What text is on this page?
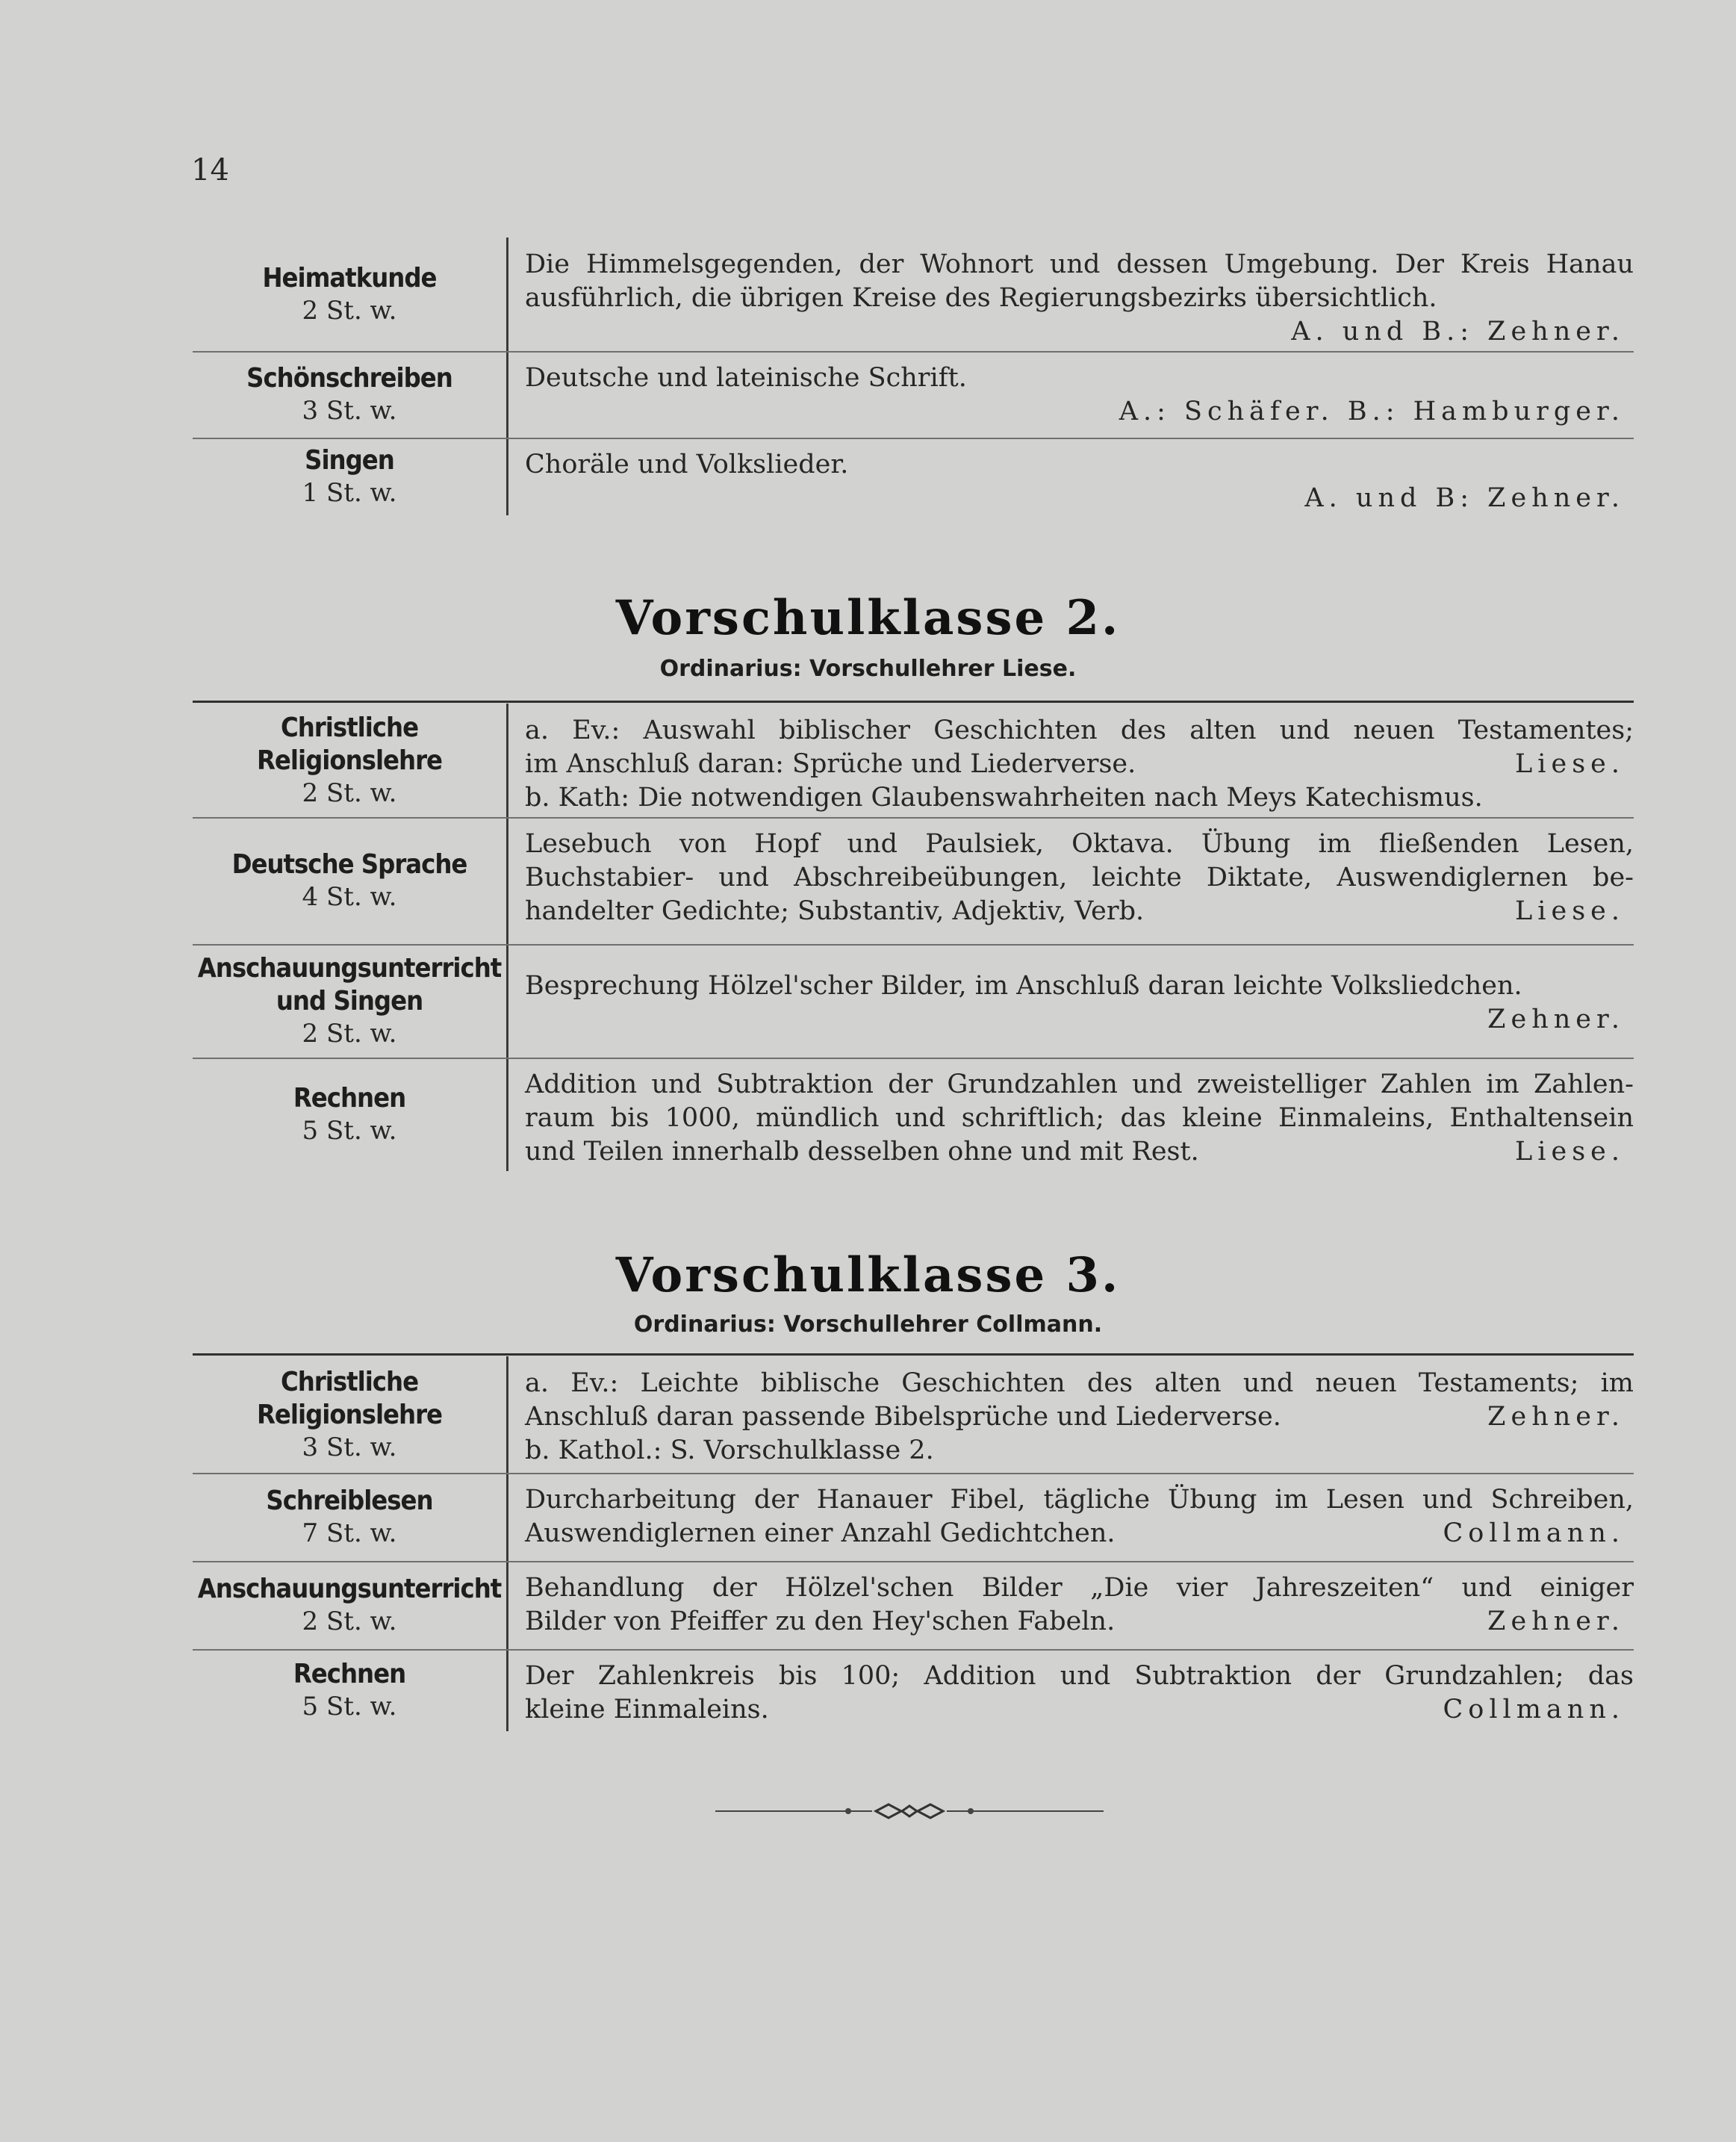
14
Heimatkunde
2 St. w.

Die Himmelsgegenden, der Wohnort und dessen Umgebung. Der Kreis Hanau

ausführlich, die übrigen Kreise des Regierungsbezirks übersichtlich.

A. und B.: Zehner.
Schönschreiben
3 St. w.

Deutsche und lateinische Schrift.

A.: Schäfer. B.: Hamburger.
Singen
1 St. w.

Choräle und Volkslieder.

A. und B: Zehner.
Vorschulklasse 2.
Ordinarius: Vorschullehrer Liese.
Christliche Religionslehre
2 St. w.

a. Ev.: Auswahl biblischer Geschichten des alten und neuen Testamentes;

im Anschluß daran: Sprüche und Liederverse.	Liese.

b. Kath: Die notwendigen Glaubenswahrheiten nach Meys Katechismus.

Deutsche Sprache
4 St. w.

Lesebuch von Hopf und Paulsiek, Oktava. Übung im fließenden Lesen,

Buchstabier- und Abschreibeübungen, leichte Diktate, Auswendiglernen be-

handelter Gedichte; Substantiv, Adjektiv, Verb.	Liese.

Anschauungsunterricht
und Singen
2 St. w.

Besprechung Hölzel'scher Bilder, im Anschluß daran leichte Volksliedchen.

Zehner.
Rechnen
5 St. w.

Addition und Subtraktion der Grundzahlen und zweistelliger Zahlen im Zahlen-

raum bis 1000, mündlich und schriftlich; das kleine Einmaleins, Enthaltensein

und Teilen innerhalb desselben ohne und mit Rest.	Liese.

Vorschulklasse 3.
Ordinarius: Vorschullehrer Collmann.
Christliche Religionslehre
3 St. w.

a. Ev.: Leichte biblische Geschichten des alten und neuen Testaments; im

Anschluß daran passende Bibelsprüche und Liederverse.	Zehner.

b. Kathol.: S. Vorschulklasse 2.

Schreiblesen
7 St. w.

Durcharbeitung der Hanauer Fibel, tägliche Übung im Lesen und Schreiben,

Auswendiglernen einer Anzahl Gedichtchen.	Collmann.

Anschauungsunterricht
2 St. w.

Behandlung der Hölzel'schen Bilder „Die vier Jahreszeiten“ und einiger

Bilder von Pfeiffer zu den Hey'schen Fabeln.	Zehner.

Rechnen
5 St. w.

Der Zahlenkreis bis 100; Addition und Subtraktion der Grundzahlen; das

kleine Einmaleins.	Collmann.
